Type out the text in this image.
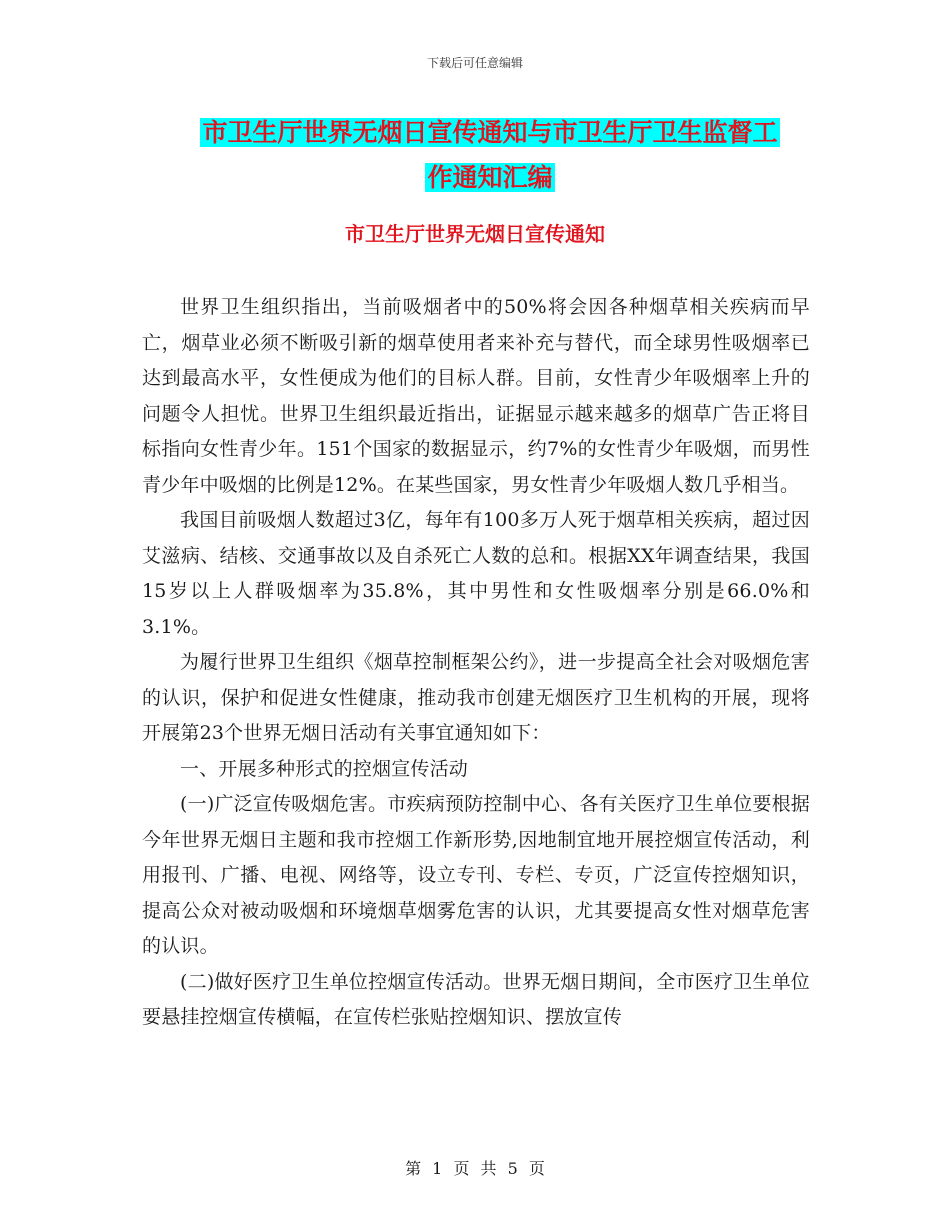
下载后可任意编辑
市卫生厅世界无烟日宣传通知与市卫生厅卫生监督工
作通知汇编
市卫生厅世界无烟日宣传通知

世界卫生组织指出，当前吸烟者中的50%将会因各种烟草相关疾病而早亡，烟草业必须不断吸引新的烟草使用者来补充与替代，而全球男性吸烟率已达到最高水平，女性便成为他们的目标人群。目前，女性青少年吸烟率上升的问题令人担忧。世界卫生组织最近指出，证据显示越来越多的烟草广告正将目标指向女性青少年。151个国家的数据显示，约7%的女性青少年吸烟，而男性青少年中吸烟的比例是12%。在某些国家，男女性青少年吸烟人数几乎相当。

我国目前吸烟人数超过3亿，每年有100多万人死于烟草相关疾病，超过因艾滋病、结核、交通事故以及自杀死亡人数的总和。根据XX年调查结果，我国15岁以上人群吸烟率为35.8%，其中男性和女性吸烟率分别是66.0%和3.1%。

为履行世界卫生组织《烟草控制框架公约》，进一步提高全社会对吸烟危害的认识，保护和促进女性健康，推动我市创建无烟医疗卫生机构的开展，现将开展第23个世界无烟日活动有关事宜通知如下：

一、开展多种形式的控烟宣传活动

(一)广泛宣传吸烟危害。市疾病预防控制中心、各有关医疗卫生单位要根据今年世界无烟日主题和我市控烟工作新形势,因地制宜地开展控烟宣传活动，利用报刊、广播、电视、网络等，设立专刊、专栏、专页，广泛宣传控烟知识，提高公众对被动吸烟和环境烟草烟雾危害的认识，尤其要提高女性对烟草危害的认识。

(二)做好医疗卫生单位控烟宣传活动。世界无烟日期间，全市医疗卫生单位要悬挂控烟宣传横幅，在宣传栏张贴控烟知识、摆放宣传

第 1 页 共 5 页
